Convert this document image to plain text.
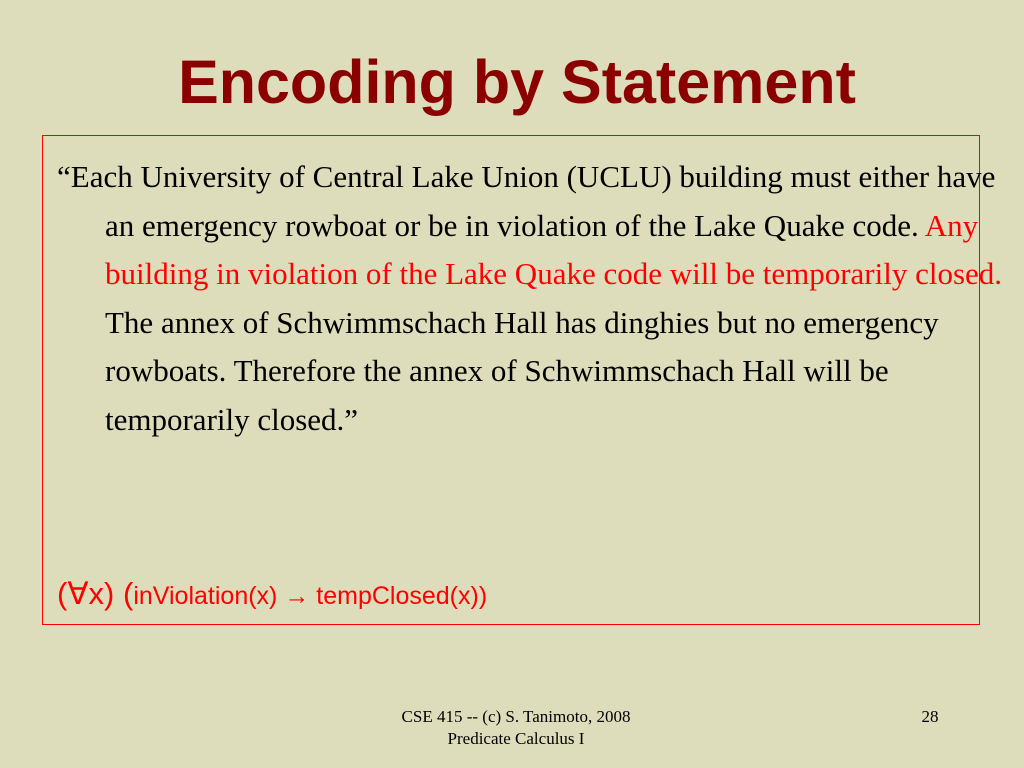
Encoding by Statement

“Each University of Central Lake Union (UCLU) building must either have an emergency rowboat or be in violation of the Lake Quake code. Any building in violation of the Lake Quake code will be temporarily closed. The annex of Schwimmschach Hall has dinghies but no emergency rowboats. Therefore the annex of Schwimmschach Hall will be temporarily closed.”

(∀x) (inViolation(x) → tempClosed(x))

CSE 415 -- (c) S. Tanimoto, 2008
Predicate Calculus I
28
